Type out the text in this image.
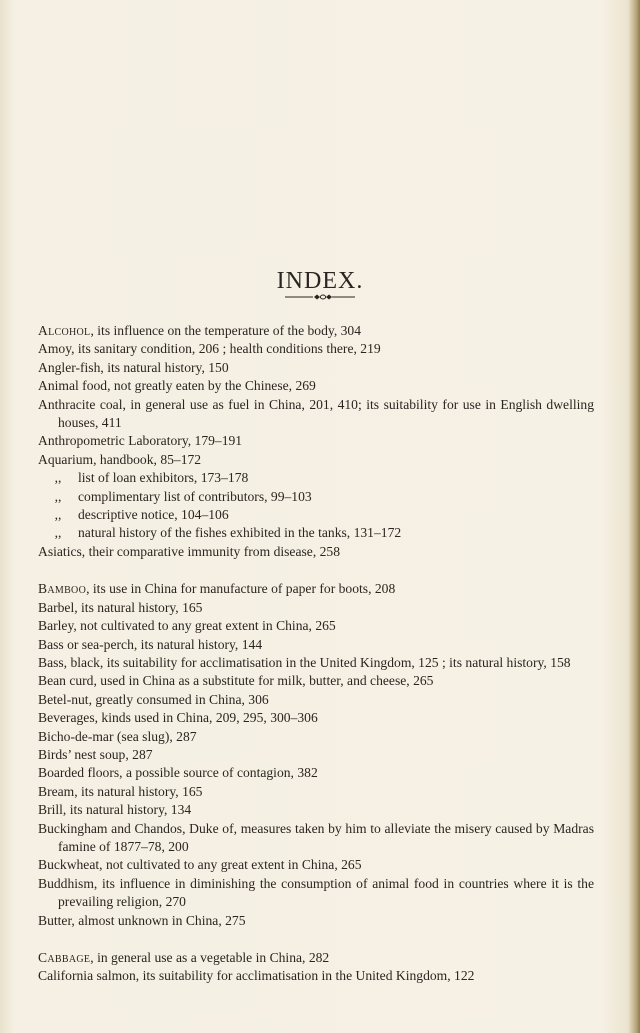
INDEX.
Alcohol, its influence on the temperature of the body, 304
Amoy, its sanitary condition, 206 ; health conditions there, 219
Angler-fish, its natural history, 150
Animal food, not greatly eaten by the Chinese, 269
Anthracite coal, in general use as fuel in China, 201, 410; its suitability for use in English dwelling houses, 411
Anthropometric Laboratory, 179–191
Aquarium, handbook, 85–172
,, list of loan exhibitors, 173–178
,, complimentary list of contributors, 99–103
,, descriptive notice, 104–106
,, natural history of the fishes exhibited in the tanks, 131–172
Asiatics, their comparative immunity from disease, 258
Bamboo, its use in China for manufacture of paper for boots, 208
Barbel, its natural history, 165
Barley, not cultivated to any great extent in China, 265
Bass or sea-perch, its natural history, 144
Bass, black, its suitability for acclimatisation in the United Kingdom, 125 ; its natural history, 158
Bean curd, used in China as a substitute for milk, butter, and cheese, 265
Betel-nut, greatly consumed in China, 306
Beverages, kinds used in China, 209, 295, 300–306
Bicho-de-mar (sea slug), 287
Birds’ nest soup, 287
Boarded floors, a possible source of contagion, 382
Bream, its natural history, 165
Brill, its natural history, 134
Buckingham and Chandos, Duke of, measures taken by him to alleviate the misery caused by Madras famine of 1877–78, 200
Buckwheat, not cultivated to any great extent in China, 265
Buddhism, its influence in diminishing the consumption of animal food in countries where it is the prevailing religion, 270
Butter, almost unknown in China, 275
Cabbage, in general use as a vegetable in China, 282
California salmon, its suitability for acclimatisation in the United Kingdom, 122
